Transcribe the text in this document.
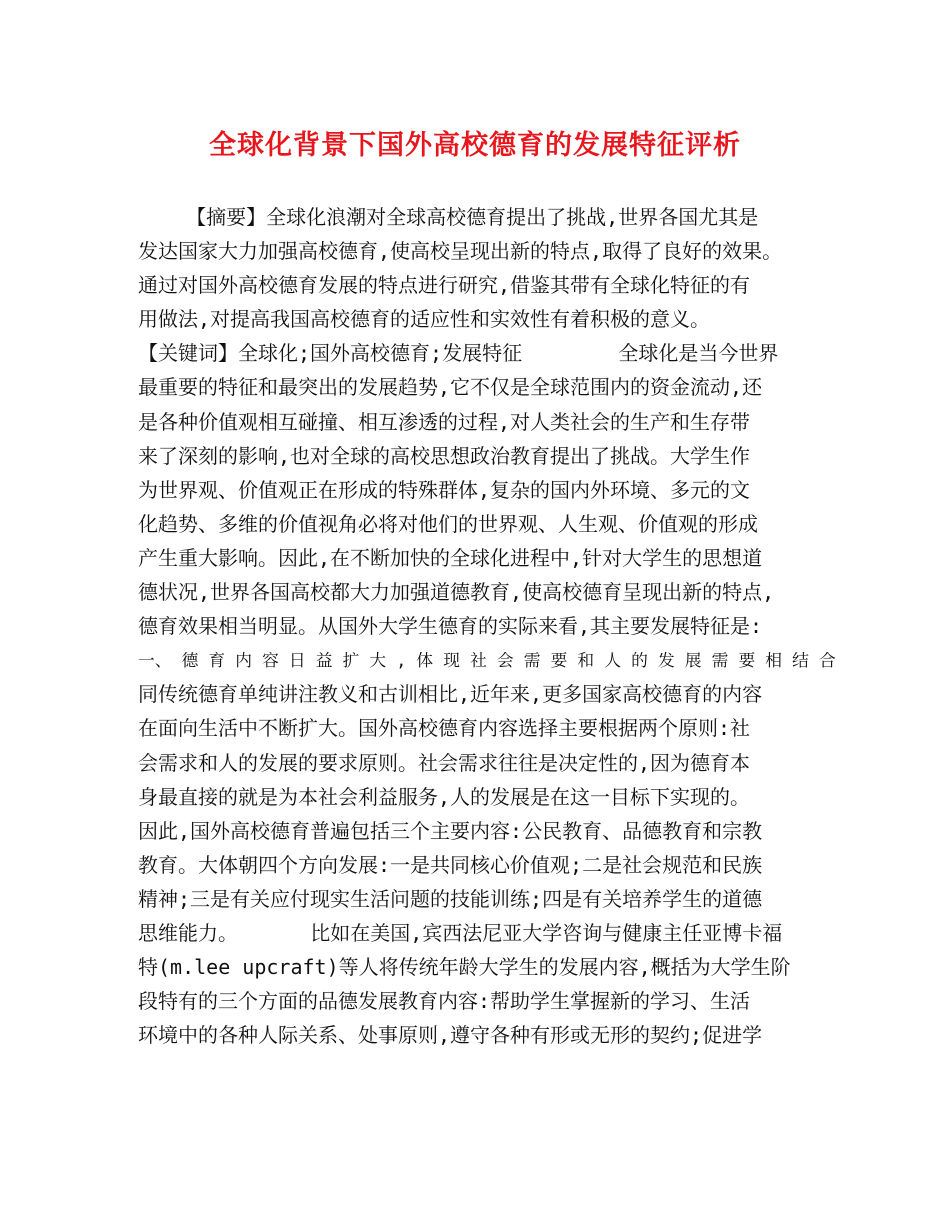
全球化背景下国外高校德育的发展特征评析
【摘要】全球化浪潮对全球高校德育提出了挑战,世界各国尤其是
发达国家大力加强高校德育,使高校呈现出新的特点,取得了良好的效果。
通过对国外高校德育发展的特点进行研究,借鉴其带有全球化特征的有
用做法,对提高我国高校德育的适应性和实效性有着积极的意义。
【关键词】全球化;国外高校德育;发展特征        全球化是当今世界
最重要的特征和最突出的发展趋势,它不仅是全球范围内的资金流动,还
是各种价值观相互碰撞、相互渗透的过程,对人类社会的生产和生存带
来了深刻的影响,也对全球的高校思想政治教育提出了挑战。大学生作
为世界观、价值观正在形成的特殊群体,复杂的国内外环境、多元的文
化趋势、多维的价值视角必将对他们的世界观、人生观、价值观的形成
产生重大影响。因此,在不断加快的全球化进程中,针对大学生的思想道
德状况,世界各国高校都大力加强道德教育,使高校德育呈现出新的特点,
德育效果相当明显。从国外大学生德育的实际来看,其主要发展特征是:
一、 德 育 内 容 日 益 扩 大 , 体 现 社 会 需 要 和 人 的 发 展 需 要 相 结 合
同传统德育单纯讲注教义和古训相比,近年来,更多国家高校德育的内容
在面向生活中不断扩大。国外高校德育内容选择主要根据两个原则:社
会需求和人的发展的要求原则。社会需求往往是决定性的,因为德育本
身最直接的就是为本社会利益服务,人的发展是在这一目标下实现的。
因此,国外高校德育普遍包括三个主要内容:公民教育、品德教育和宗教
教育。大体朝四个方向发展:一是共同核心价值观;二是社会规范和民族
精神;三是有关应付现实生活问题的技能训练;四是有关培养学生的道德
思维能力。      比如在美国,宾西法尼亚大学咨询与健康主任亚博卡福
特(m.lee upcraft)等人将传统年龄大学生的发展内容,概括为大学生阶
段特有的三个方面的品德发展教育内容:帮助学生掌握新的学习、生活
环境中的各种人际关系、处事原则,遵守各种有形或无形的契约;促进学
